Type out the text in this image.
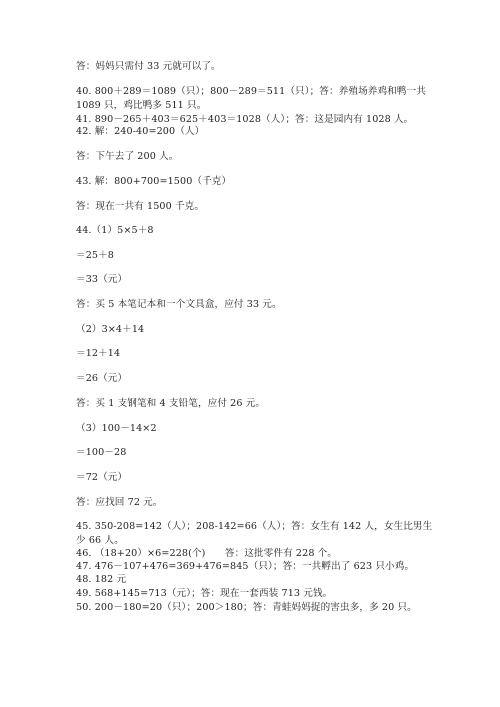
答：妈妈只需付 33 元就可以了。
40. 800＋289＝1089（只）；800－289＝511（只）；答：养殖场养鸡和鸭一共
1089 只，鸡比鸭多 511 只。
41. 890－265＋403＝625＋403＝1028（人）；答：这是园内有 1028 人。
42. 解：240-40=200（人）
答：下午去了 200 人。
43. 解：800+700=1500（千克）
答：现在一共有 1500 千克。
44.（1）5×5＋8
＝25＋8
＝33（元）
答：买 5 本笔记本和一个文具盒，应付 33 元。
（2）3×4＋14
＝12＋14
＝26（元）
答：买 1 支钢笔和 4 支铅笔，应付 26 元。
（3）100－14×2
＝100－28
＝72（元）
答：应找回 72 元。
45. 350-208=142（人）；208-142=66（人）；答：女生有 142 人，女生比男生
少 66 人。
46. （18+20）×6=228(个)　　答：这批零件有 228 个。
47. 476－107+476=369+476=845（只）；答：一共孵出了 623 只小鸡。
48. 182 元
49. 568+145=713（元）；答：现在一套西装 713 元钱。
50. 200－180=20（只）；200＞180；答：青蛙妈妈捉的害虫多，多 20 只。
